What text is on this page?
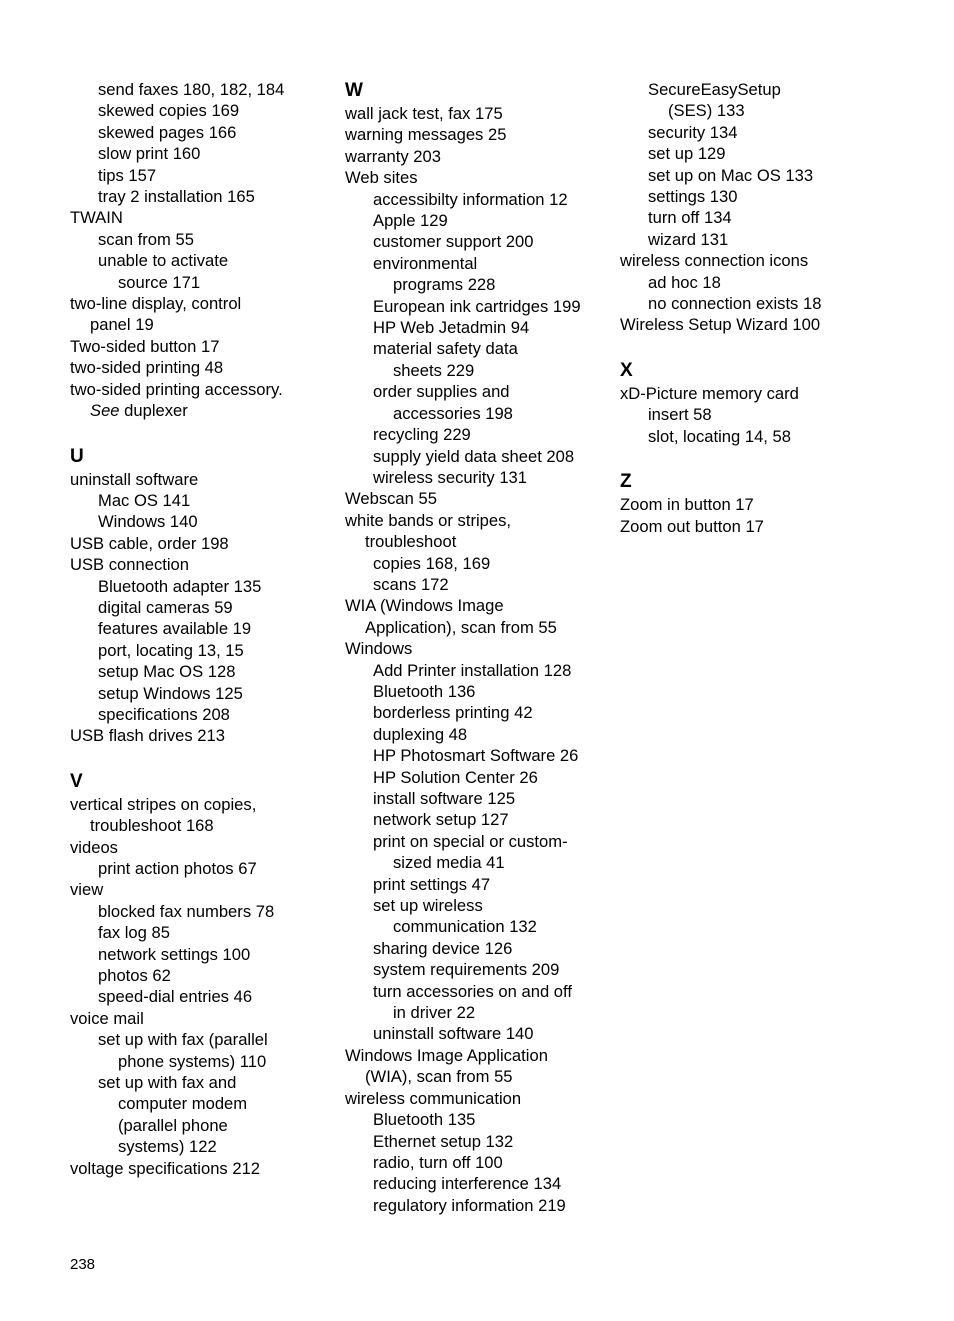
send faxes 180, 182, 184
skewed copies 169
skewed pages 166
slow print 160
tips 157
tray 2 installation 165
TWAIN
scan from 55
unable to activate
source 171
two-line display, control
panel 19
Two-sided button 17
two-sided printing 48
two-sided printing accessory.
See duplexer
U
uninstall software
Mac OS 141
Windows 140
USB cable, order 198
USB connection
Bluetooth adapter 135
digital cameras 59
features available 19
port, locating 13, 15
setup Mac OS 128
setup Windows 125
specifications 208
USB flash drives 213
V
vertical stripes on copies,
troubleshoot 168
videos
print action photos 67
view
blocked fax numbers 78
fax log 85
network settings 100
photos 62
speed-dial entries 46
voice mail
set up with fax (parallel
phone systems) 110
set up with fax and
computer modem
(parallel phone
systems) 122
voltage specifications 212
W
wall jack test, fax 175
warning messages 25
warranty 203
Web sites
accessibilty information 12
Apple 129
customer support 200
environmental
programs 228
European ink cartridges 199
HP Web Jetadmin 94
material safety data
sheets 229
order supplies and
accessories 198
recycling 229
supply yield data sheet 208
wireless security 131
Webscan 55
white bands or stripes,
troubleshoot
copies 168, 169
scans 172
WIA (Windows Image
Application), scan from 55
Windows
Add Printer installation 128
Bluetooth 136
borderless printing 42
duplexing 48
HP Photosmart Software 26
HP Solution Center 26
install software 125
network setup 127
print on special or custom-
sized media 41
print settings 47
set up wireless
communication 132
sharing device 126
system requirements 209
turn accessories on and off
in driver 22
uninstall software 140
Windows Image Application
(WIA), scan from 55
wireless communication
Bluetooth 135
Ethernet setup 132
radio, turn off 100
reducing interference 134
regulatory information 219
SecureEasySetup
(SES) 133
security 134
set up 129
set up on Mac OS 133
settings 130
turn off 134
wizard 131
wireless connection icons
ad hoc 18
no connection exists 18
Wireless Setup Wizard 100
X
xD-Picture memory card
insert 58
slot, locating 14, 58
Z
Zoom in button 17
Zoom out button 17
238
